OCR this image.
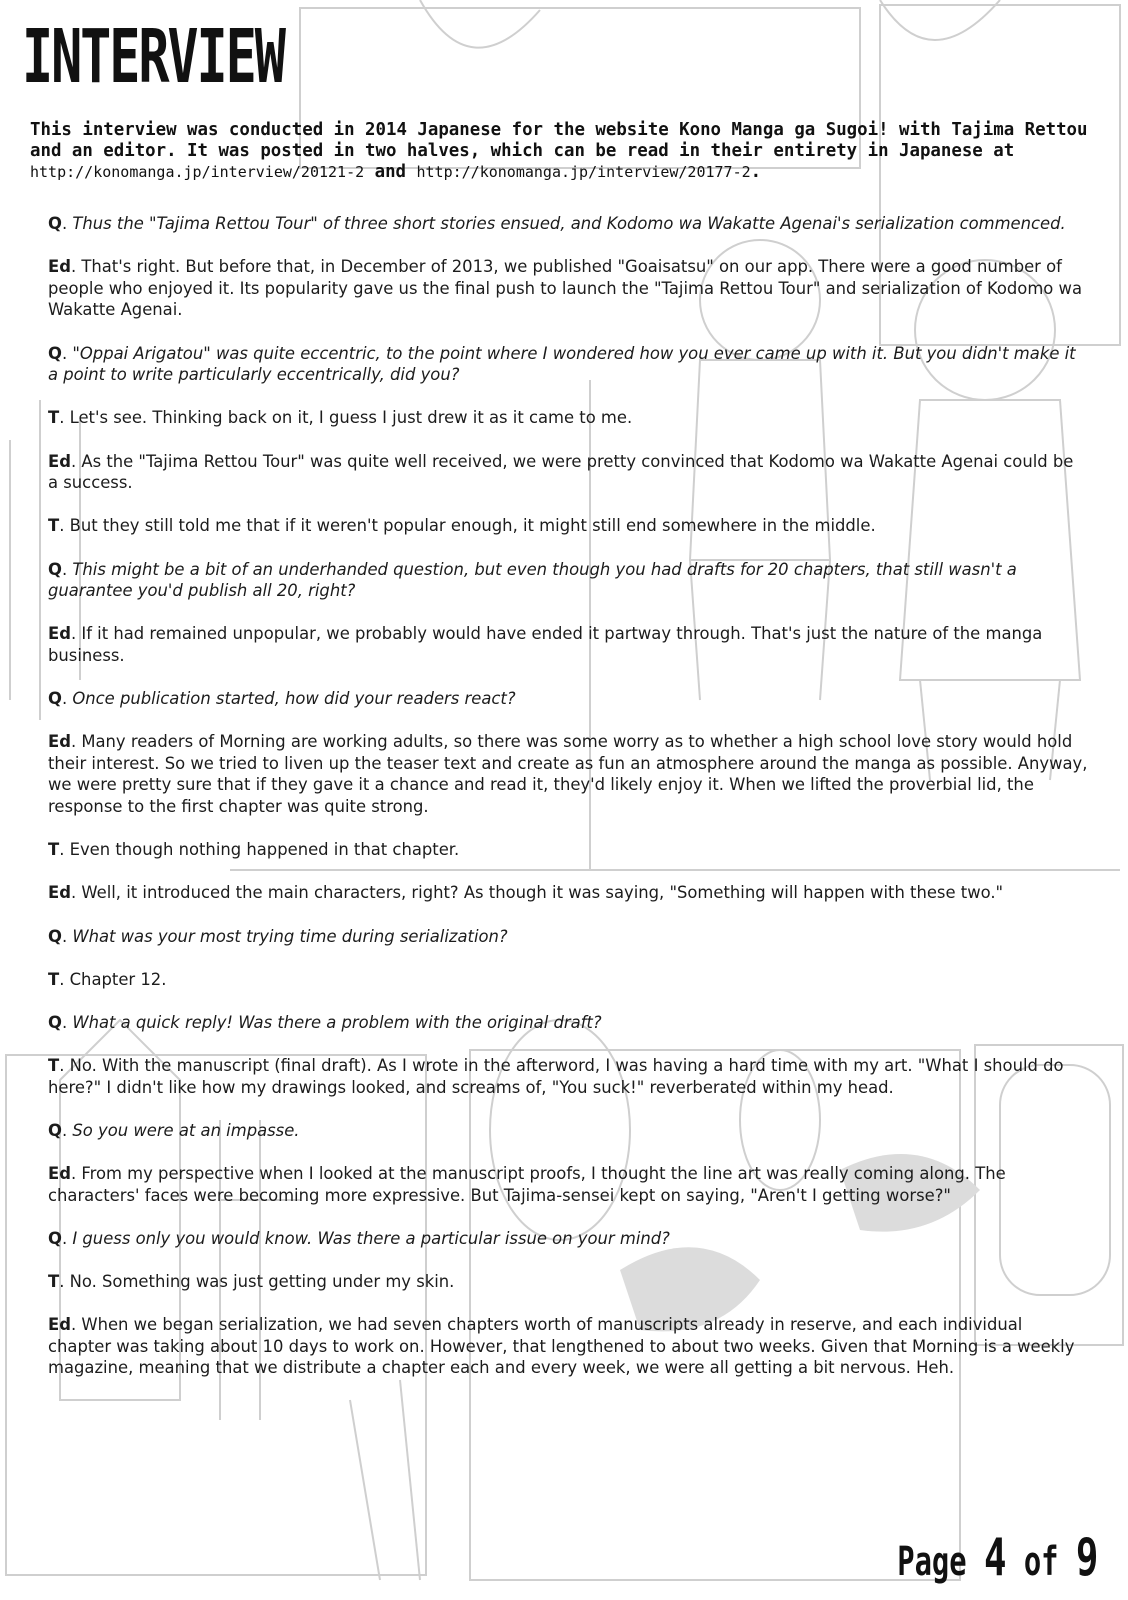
INTERVIEW
This interview was conducted in 2014 Japanese for the website Kono Manga ga Sugoi! with Tajima Rettou and an editor. It was posted in two halves, which can be read in their entirety in Japanese at http://konomanga.jp/interview/20121-2 and http://konomanga.jp/interview/20177-2.

Q. Thus the "Tajima Rettou Tour" of three short stories ensued, and Kodomo wa Wakatte Agenai's serialization commenced.

Ed. That's right. But before that, in December of 2013, we published "Goaisatsu" on our app. There were a good number of people who enjoyed it. Its popularity gave us the final push to launch the "Tajima Rettou Tour" and serialization of Kodomo wa Wakatte Agenai.

Q. "Oppai Arigatou" was quite eccentric, to the point where I wondered how you ever came up with it. But you didn't make it a point to write particularly eccentrically, did you?

T. Let's see. Thinking back on it, I guess I just drew it as it came to me.

Ed. As the "Tajima Rettou Tour" was quite well received, we were pretty convinced that Kodomo wa Wakatte Agenai could be a success.

T. But they still told me that if it weren't popular enough, it might still end somewhere in the middle.

Q. This might be a bit of an underhanded question, but even though you had drafts for 20 chapters, that still wasn't a guarantee you'd publish all 20, right?

Ed. If it had remained unpopular, we probably would have ended it partway through. That's just the nature of the manga business.

Q. Once publication started, how did your readers react?

Ed. Many readers of Morning are working adults, so there was some worry as to whether a high school love story would hold their interest. So we tried to liven up the teaser text and create as fun an atmosphere around the manga as possible. Anyway, we were pretty sure that if they gave it a chance and read it, they'd likely enjoy it. When we lifted the proverbial lid, the response to the first chapter was quite strong.

T. Even though nothing happened in that chapter.

Ed. Well, it introduced the main characters, right? As though it was saying, "Something will happen with these two."

Q. What was your most trying time during serialization?

T. Chapter 12.

Q. What a quick reply! Was there a problem with the original draft?

T. No. With the manuscript (final draft). As I wrote in the afterword, I was having a hard time with my art. "What I should do here?" I didn't like how my drawings looked, and screams of, "You suck!" reverberated within my head.

Q. So you were at an impasse.

Ed. From my perspective when I looked at the manuscript proofs, I thought the line art was really coming along. The characters' faces were becoming more expressive. But Tajima-sensei kept on saying, "Aren't I getting worse?"

Q. I guess only you would know. Was there a particular issue on your mind?

T. No. Something was just getting under my skin.

Ed. When we began serialization, we had seven chapters worth of manuscripts already in reserve, and each individual chapter was taking about 10 days to work on. However, that lengthened to about two weeks. Given that Morning is a weekly magazine, meaning that we distribute a chapter each and every week, we were all getting a bit nervous. Heh.

Page 4 of 9
